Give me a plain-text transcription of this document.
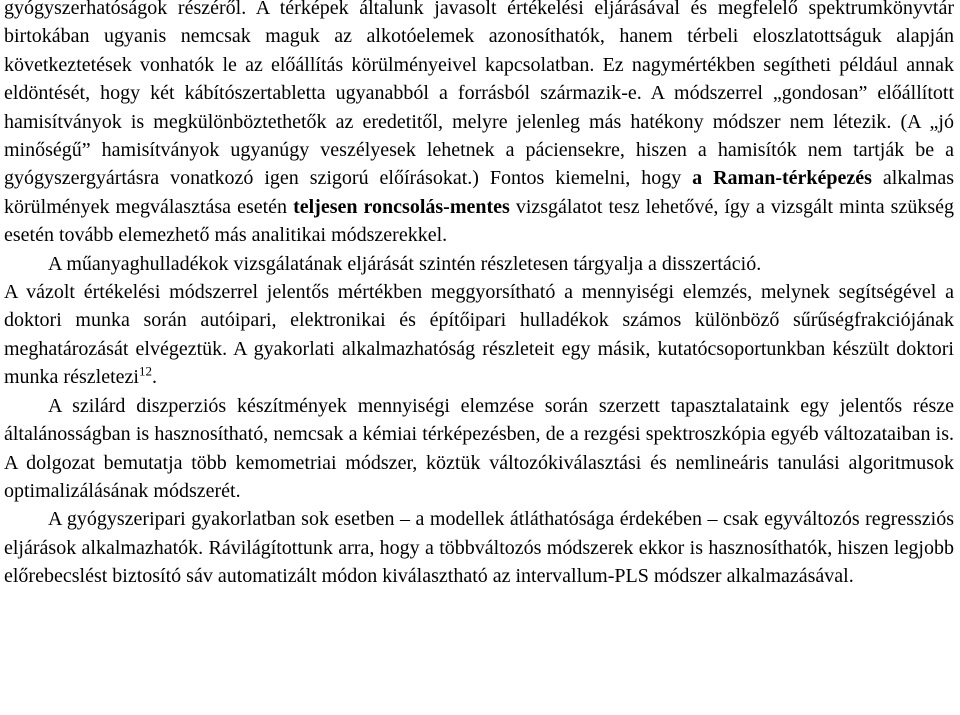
gyógyszerhatóságok részéről. A térképek általunk javasolt értékelési eljárásával és megfelelő spektrumkönyvtár birtokában ugyanis nemcsak maguk az alkotóelemek azonosíthatók, hanem térbeli eloszlatottságuk alapján következtetések vonhatók le az előállítás körülményeivel kapcsolatban. Ez nagymértékben segítheti például annak eldöntését, hogy két kábítószertabletta ugyanabból a forrásból származik-e. A módszerrel „gondosan” előállított hamisítványok is megkülönböztethetők az eredetitől, melyre jelenleg más hatékony módszer nem létezik. (A „jó minőségű” hamisítványok ugyanúgy veszélyesek lehetnek a páciensekre, hiszen a hamisítók nem tartják be a gyógyszergyártásra vonatkozó igen szigorú előírásokat.) Fontos kiemelni, hogy a Raman-térképezés alkalmas körülmények megválasztása esetén teljesen roncsolás-mentes vizsgálatot tesz lehetővé, így a vizsgált minta szükség esetén tovább elemezhető más analitikai módszerekkel.

A műanyaghulladékok vizsgálatának eljárását szintén részletesen tárgyalja a disszertáció.

A vázolt értékelési módszerrel jelentős mértékben meggyorsítható a mennyiségi elemzés, melynek segítségével a doktori munka során autóipari, elektronikai és építőipari hulladékok számos különböző sűrűségfrakciójának meghatározását elvégeztük. A gyakorlati alkalmazhatóság részleteit egy másik, kutatócsoportunkban készült doktori munka részletezi$^{12}$.

A szilárd diszperziós készítmények mennyiségi elemzése során szerzett tapasztalataink egy jelentős része általánosságban is hasznosítható, nemcsak a kémiai térképezésben, de a rezgési spektroszkópia egyéb változataiban is. A dolgozat bemutatja több kemometriai módszer, köztük változókiválasztási és nemlineáris tanulási algoritmusok optimalizálásának módszerét.

A gyógyszeripari gyakorlatban sok esetben – a modellek átláthatósága érdekében – csak egyváltozós regressziós eljárások alkalmazhatók. Rávilágítottunk arra, hogy a többváltozós módszerek ekkor is hasznosíthatók, hiszen legjobb előrebecslést biztosító sáv automatizált módon kiválasztható az intervallum-PLS módszer alkalmazásával.
